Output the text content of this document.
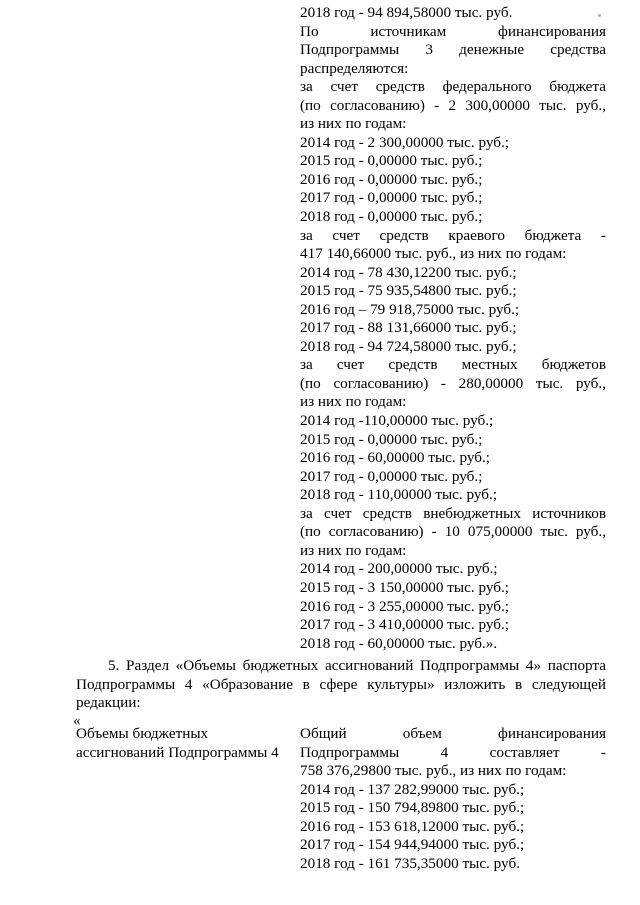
2018 год - 94 894,58000 тыс. руб.
По источникам финансирования
Подпрограммы 3 денежные средства
распределяются:
за счет средств федерального бюджета
(по согласованию) - 2 300,00000 тыс. руб.,
из них по годам:
2014 год - 2 300,00000 тыс. руб.;
2015 год - 0,00000 тыс. руб.;
2016 год - 0,00000 тыс. руб.;
2017 год - 0,00000 тыс. руб.;
2018 год - 0,00000 тыс. руб.;
за счет средств краевого бюджета -
417 140,66000 тыс. руб., из них по годам:
2014 год - 78 430,12200 тыс. руб.;
2015 год - 75 935,54800 тыс. руб.;
2016 год – 79 918,75000 тыс. руб.;
2017 год - 88 131,66000 тыс. руб.;
2018 год - 94 724,58000 тыс. руб.;
за счет средств местных бюджетов
(по согласованию) - 280,00000 тыс. руб.,
из них по годам:
2014 год -110,00000 тыс. руб.;
2015 год - 0,00000 тыс. руб.;
2016 год - 60,00000 тыс. руб.;
2017 год - 0,00000 тыс. руб.;
2018 год - 110,00000 тыс. руб.;
за счет средств внебюджетных источников
(по согласованию) - 10 075,00000 тыс. руб.,
из них по годам:
2014 год - 200,00000 тыс. руб.;
2015 год - 3 150,00000 тыс. руб.;
2016 год - 3 255,00000 тыс. руб.;
2017 год - 3 410,00000 тыс. руб.;
2018 год - 60,00000 тыс. руб.».

5. Раздел «Объемы бюджетных ассигнований Подпрограммы 4» паспорта Подпрограммы 4 «Образование в сфере культуры» изложить в следующей редакции:

«
Объемы бюджетных
ассигнований Подпрограммы 4
Общий объем финансирования
Подпрограммы 4 составляет -
758 376,29800 тыс. руб., из них по годам:
2014 год - 137 282,99000 тыс. руб.;
2015 год - 150 794,89800 тыс. руб.;
2016 год - 153 618,12000 тыс. руб.;
2017 год - 154 944,94000 тыс. руб.;
2018 год - 161 735,35000 тыс. руб.
